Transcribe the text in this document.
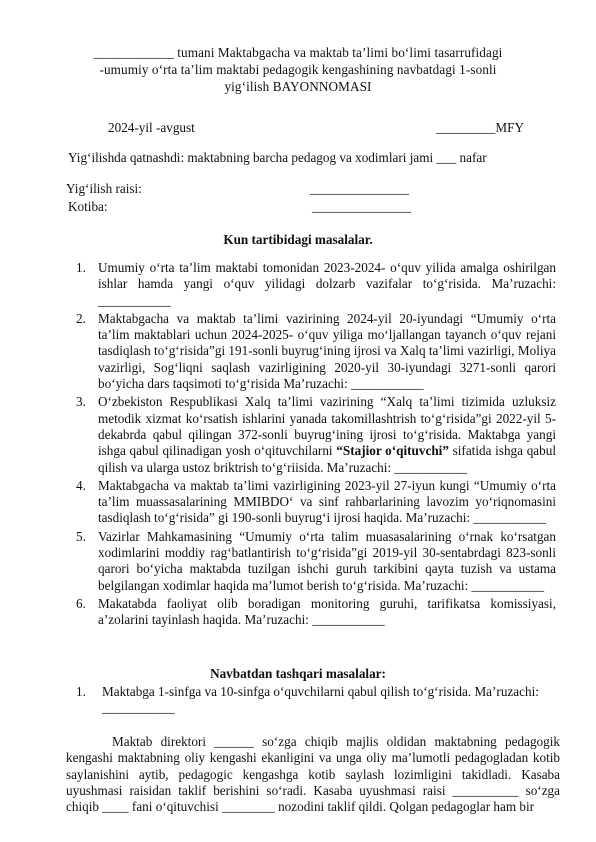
____________ tumani Maktabgacha va maktab ta’limi bo‘limi tasarrufidagi
-umumiy o‘rta ta’lim maktabi pedagogik kengashining navbatdagi 1-sonli
yig‘ilish BAYONNOMASI
2024-yil -avgust	_________MFY
Yig‘ilishda qatnashdi: maktabning barcha pedagog va xodimlari jami ___ nafar
Yig‘ilish raisi:	_______________
Kotiba:	_______________
Kun tartibidagi masalalar.
1. Umumiy o‘rta ta’lim maktabi tomonidan 2023-2024- o‘quv yilida amalga oshirilgan ishlar hamda yangi o‘quv yilidagi dolzarb vazifalar to‘g‘risida. Ma’ruzachi: ___________
2. Maktabgacha va maktab ta’limi vazirining 2024-yil 20-iyundagi “Umumiy o‘rta ta’lim maktablari uchun 2024-2025- o‘quv yiliga mo‘ljallangan tayanch o‘quv rejani tasdiqlash to‘g‘risida”gi 191-sonli buyrug‘ining ijrosi va Xalq ta’limi vazirligi, Moliya vazirligi, Sog‘liqni saqlash vazirligining 2020-yil 30-iyundagi 3271-sonli qarori bo‘yicha dars taqsimoti to‘g‘risida Ma’ruzachi: ___________
3. O‘zbekiston Respublikasi Xalq ta’limi vazirining “Xalq ta’limi tizimida uzluksiz metodik xizmat ko‘rsatish ishlarini yanada takomillashtrish to‘g‘risida”gi 2022-yil 5-dekabrda qabul qilingan 372-sonli buyrug‘ining ijrosi to‘g‘risida. Maktabga yangi ishga qabul qilinadigan yosh o‘qituvchilarni “Stajior o‘qituvchi” sifatida ishga qabul qilish va ularga ustoz briktrish to‘g‘riisida. Ma’ruzachi: ___________
4. Maktabgacha va maktab ta’limi vazirligining 2023-yil 27-iyun kungi “Umumiy o‘rta ta’lim muassasalarining MMIBDO‘ va sinf rahbarlarining lavozim yo‘riqnomasini tasdiqlash to‘g‘risida” gi 190-sonli buyrug‘i ijrosi haqida. Ma’ruzachi: ___________
5. Vazirlar Mahkamasining “Umumiy o‘rta talim muasasalarining o‘rnak ko‘rsatgan xodimlarini moddiy rag‘batlantirish to‘g‘risida”gi 2019-yil 30-sentabrdagi 823-sonli qarori bo‘yicha maktabda tuzilgan ishchi guruh tarkibini qayta tuzish va ustama belgilangan xodimlar haqida ma’lumot berish to‘g‘risida. Ma’ruzachi: ___________
6. Makatabda faoliyat olib boradigan monitoring guruhi, tarifikatsa komissiyasi, a’zolarini tayinlash haqida. Ma’ruzachi: ___________
Navbatdan tashqari masalalar:
1. Maktabga 1-sinfga va 10-sinfga o‘quvchilarni qabul qilish to‘g‘risida. Ma’ruzachi: ___________
Maktab direktori ______ so‘zga chiqib majlis oldidan maktabning pedagogik kengashi maktabning oliy kengashi ekanligini va unga oliy ma’lumotli pedagogladan kotib saylanishini aytib, pedagogic kengashga kotib saylash lozimligini takidladi. Kasaba uyushmasi raisidan taklif berishini so‘radi. Kasaba uyushmasi raisi __________ so‘zga chiqib ____ fani o‘qituvchisi ________ nozodini taklif qildi. Qolgan pedagoglar ham bir
